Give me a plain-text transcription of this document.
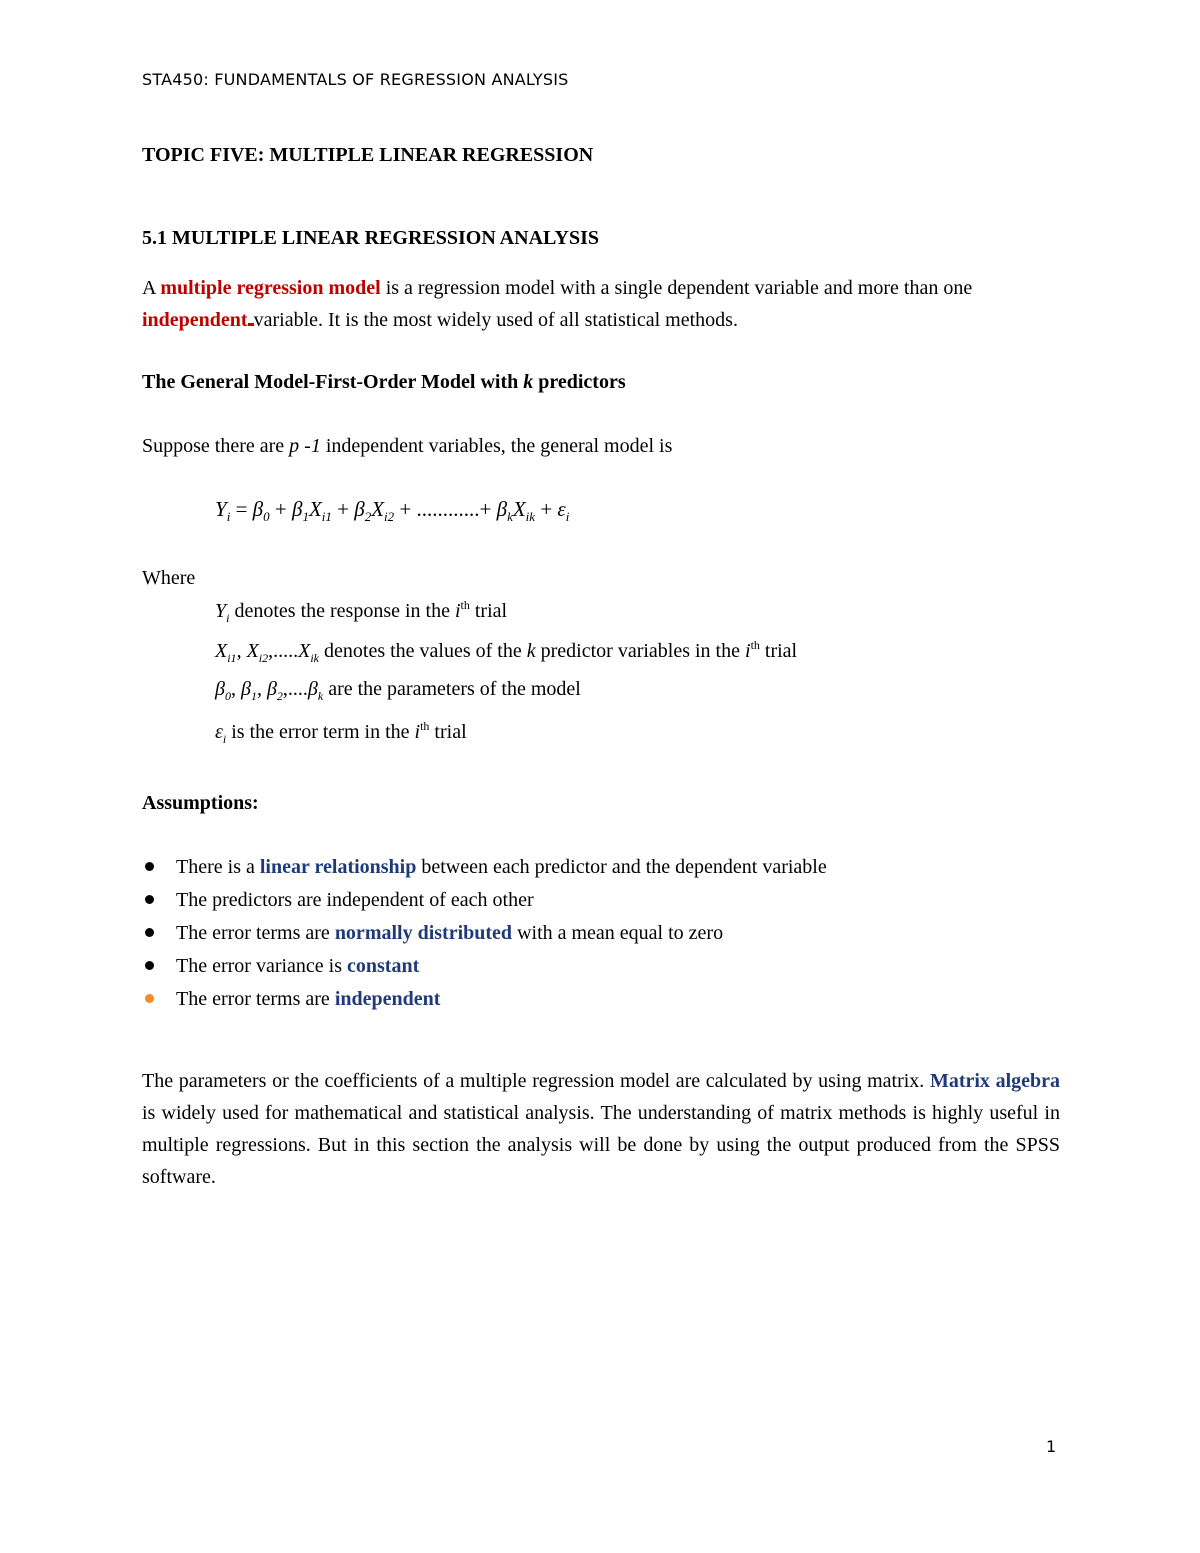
STA450: FUNDAMENTALS OF REGRESSION ANALYSIS
TOPIC FIVE: MULTIPLE LINEAR REGRESSION
5.1 MULTIPLE LINEAR REGRESSION ANALYSIS
A multiple regression model is a regression model with a single dependent variable and more than one independent variable. It is the most widely used of all statistical methods.
The General Model-First-Order Model with k predictors
Suppose there are p -1 independent variables, the general model is
$Y_i = \beta_0 + \beta_1X_{i1} + \beta_2X_{i2}$ + ............+ $\beta_kX_{ik} + \varepsilon_i$
Where
$Y_i$ denotes the response in the $i^{th}$ trial
$X_{i1}$, $X_{i2},.....X_{ik}$ denotes the values of the k predictor variables in the $i^{th}$ trial
$\beta_0$, $\beta_1$, $\beta_2,....\beta_k$ are the parameters of the model
$\varepsilon_i$ is the error term in the $i^{th}$ trial
Assumptions:
There is a linear relationship between each predictor and the dependent variable
The predictors are independent of each other
The error terms are normally distributed with a mean equal to zero
The error variance is constant
The error terms are independent
The parameters or the coefficients of a multiple regression model are calculated by using matrix. Matrix algebra is widely used for mathematical and statistical analysis. The understanding of matrix methods is highly useful in multiple regressions. But in this section the analysis will be done by using the output produced from the SPSS software.
1
